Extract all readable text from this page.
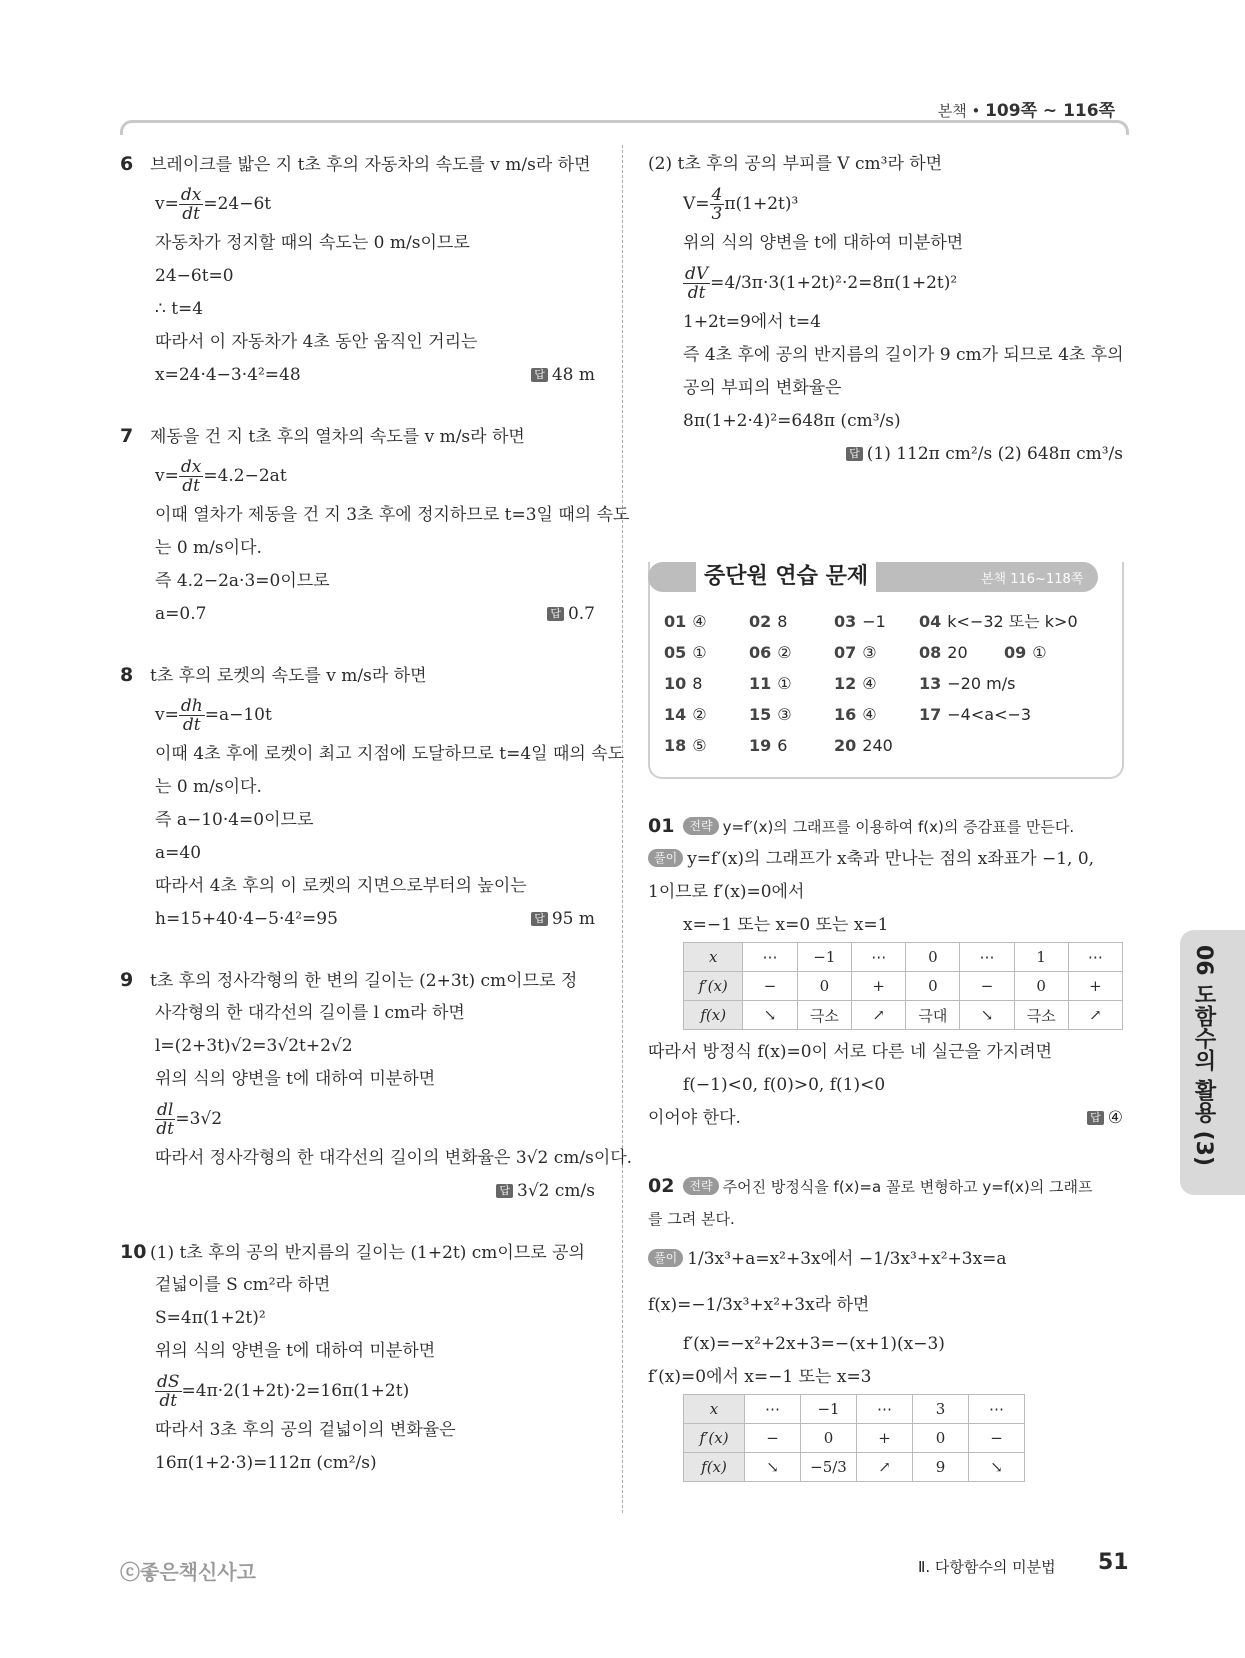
본책 • 109쪽 ~ 116쪽
6 브레이크를 밟은 지 t초 후의 자동차의 속도를 v m/s라 하면
$v= \frac{dx}{dt} =24-6t$
자동차가 정지할 때의 속도는 0 m/s이므로
24−6t=0
∴ t=4
따라서 이 자동차가 4초 동안 움직인 거리는
x=24·4−3·4²=48	답 48 m
7 제동을 건 지 t초 후의 열차의 속도를 v m/s라 하면
$v= \frac{dx}{dt} =4.2-2at$
이때 열차가 제동을 건 지 3초 후에 정지하므로 t=3일 때의 속도
는 0 m/s이다.
즉 4.2−2a·3=0이므로
a=0.7	답 0.7
8 t초 후의 로켓의 속도를 v m/s라 하면
$v= \frac{dh}{dt} =a-10t$
이때 4초 후에 로켓이 최고 지점에 도달하므로 t=4일 때의 속도
는 0 m/s이다.
즉 a−10·4=0이므로
a=40
따라서 4초 후의 이 로켓의 지면으로부터의 높이는
h=15+40·4−5·4²=95	답 95 m
9 t초 후의 정사각형의 한 변의 길이는 (2+3t) cm이므로 정
사각형의 한 대각선의 길이를 l cm라 하면
l=(2+3t)√2=3√2t+2√2
위의 식의 양변을 t에 대하여 미분하면
$\frac{dl}{dt} =3√2$
따라서 정사각형의 한 대각선의 길이의 변화율은 3√2 cm/s이다.
답 3√2 cm/s
10 (1) t초 후의 공의 반지름의 길이는 (1+2t) cm이므로 공의
겉넓이를 S cm²라 하면
S=4π(1+2t)²
위의 식의 양변을 t에 대하여 미분하면
$\frac{dS}{dt} =4\pi\cdot 2(1+2t)\cdot 2=16\pi(1+2t)$
따라서 3초 후의 공의 겉넓이의 변화율은
16π(1+2·3)=112π (cm²/s)
(2) t초 후의 공의 부피를 V cm³라 하면
$V= \frac{4}{3} \pi(1+2t)^3$
위의 식의 양변을 t에 대하여 미분하면
$\frac{dV}{dt} =4/3\pi\cdot 3(1+2t)^2\cdot 2=8\pi(1+2t)^2$
1+2t=9에서 t=4
즉 4초 후에 공의 반지름의 길이가 9 cm가 되므로 4초 후의
공의 부피의 변화율은
8π(1+2·4)²=648π (cm³/s)
답 (1) 112π cm²/s (2) 648π cm³/s
중단원 연습 문제	본책 116~118쪽
01 ④	02 8	03 −1 04 k<−32 또는 k>0
05 ①	06 ②	07 ③	08 20 09 ①
10 8	11 ①	12 ④	13 −20 m/s
14 ②	15 ③	16 ④	17 −4<a<−3
18 ⑤	19 6	20 240
01 전략 y=f′(x)의 그래프를 이용하여 f(x)의 증감표를 만든다.
풀이 y=f′(x)의 그래프가 x축과 만나는 점의 x좌표가 −1, 0,
1이므로 f′(x)=0에서
x=−1 또는 x=0 또는 x=1
x	⋯	−1	⋯	0	⋯	1	⋯
f′(x)	−	0	+	0	−	0	+
f(x)	↘	극소	↗	극대	↘	극소	↗
따라서 방정식 f(x)=0이 서로 다른 네 실근을 가지려면
f(−1)<0, f(0)>0, f(1)<0
이어야 한다.	답 ④
02 전략 주어진 방정식을 f(x)=a 꼴로 변형하고 y=f(x)의 그래프
를 그려 본다.
풀이 1/3x³+a=x²+3x에서 −1/3x³+x²+3x=a
f(x)=−1/3x³+x²+3x라 하면
f′(x)=−x²+2x+3=−(x+1)(x−3)
f′(x)=0에서 x=−1 또는 x=3
x	⋯	−1	⋯	3	⋯
f′(x)	−	0	+	0	−
f(x)	↘	−5/3	↗	9	↘
06 도함수의 활용 (3)
ⓒ좋은책신사고	Ⅱ. 다항함수의 미분법 51
